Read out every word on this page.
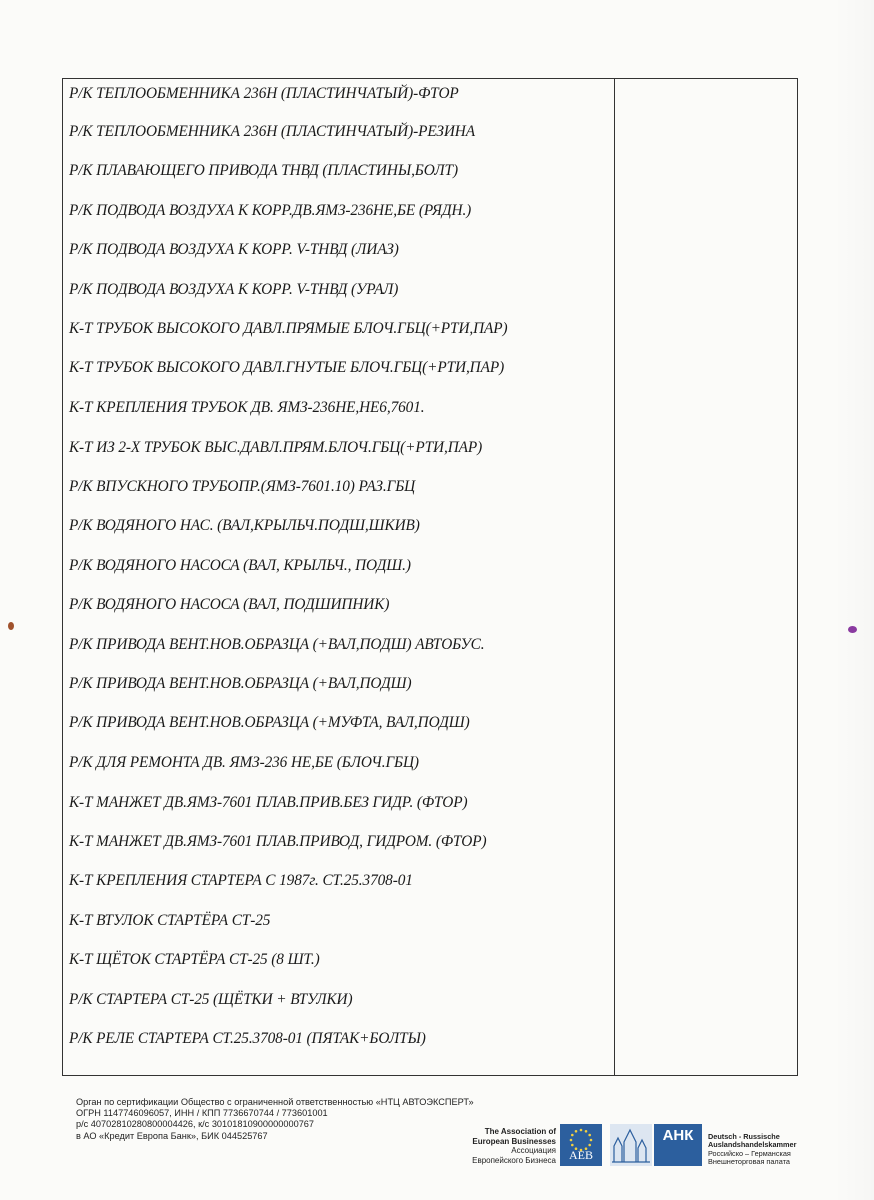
Р/К ТЕПЛООБМЕННИКА 236Н (ПЛАСТИНЧАТЫЙ)-ФТОР
Р/К ТЕПЛООБМЕННИКА 236Н (ПЛАСТИНЧАТЫЙ)-РЕЗИНА
Р/К ПЛАВАЮЩЕГО ПРИВОДА ТНВД (ПЛАСТИНЫ,БОЛТ)
Р/К ПОДВОДА ВОЗДУХА К КОРР.ДВ.ЯМЗ-236НЕ,БЕ (РЯДН.)
Р/К ПОДВОДА ВОЗДУХА К КОРР. V-ТНВД (ЛИАЗ)
Р/К ПОДВОДА ВОЗДУХА К КОРР. V-ТНВД (УРАЛ)
К-Т ТРУБОК ВЫСОКОГО ДАВЛ.ПРЯМЫЕ БЛОЧ.ГБЦ(+РТИ,ПАР)
К-Т ТРУБОК ВЫСОКОГО ДАВЛ.ГНУТЫЕ БЛОЧ.ГБЦ(+РТИ,ПАР)
К-Т КРЕПЛЕНИЯ ТРУБОК ДВ. ЯМЗ-236НЕ,НЕ6,7601.
К-Т ИЗ 2-Х ТРУБОК ВЫС.ДАВЛ.ПРЯМ.БЛОЧ.ГБЦ(+РТИ,ПАР)
Р/К ВПУСКНОГО ТРУБОПР.(ЯМЗ-7601.10) РАЗ.ГБЦ
Р/К ВОДЯНОГО НАС. (ВАЛ,КРЫЛЬЧ.ПОДШ,ШКИВ)
Р/К ВОДЯНОГО НАСОСА (ВАЛ, КРЫЛЬЧ., ПОДШ.)
Р/К ВОДЯНОГО НАСОСА (ВАЛ, ПОДШИПНИК)
Р/К ПРИВОДА ВЕНТ.НОВ.ОБРАЗЦА (+ВАЛ,ПОДШ) АВТОБУС.
Р/К ПРИВОДА ВЕНТ.НОВ.ОБРАЗЦА (+ВАЛ,ПОДШ)
Р/К ПРИВОДА ВЕНТ.НОВ.ОБРАЗЦА (+МУФТА, ВАЛ,ПОДШ)
Р/К ДЛЯ РЕМОНТА ДВ. ЯМЗ-236 НЕ,БЕ (БЛОЧ.ГБЦ)
К-Т МАНЖЕТ ДВ.ЯМЗ-7601 ПЛАВ.ПРИВ.БЕЗ ГИДР. (ФТОР)
К-Т МАНЖЕТ ДВ.ЯМЗ-7601 ПЛАВ.ПРИВОД, ГИДРОМ. (ФТОР)
К-Т КРЕПЛЕНИЯ СТАРТЕРА С 1987г. СТ.25.3708-01
К-Т ВТУЛОК СТАРТЁРА СТ-25
К-Т ЩЁТОК СТАРТЁРА СТ-25 (8 ШТ.)
Р/К СТАРТЕРА СТ-25 (ЩЁТКИ + ВТУЛКИ)
Р/К РЕЛЕ СТАРТЕРА СТ.25.3708-01 (ПЯТАК+БОЛТЫ)
Орган по сертификации Общество с ограниченной ответственностью «НТЦ АВТОЭКСПЕРТ»
ОГРН 1147746096057, ИНН / КПП 7736670744 / 773601001
р/с 40702810280800004426, к/с 30101810900000000767
в АО «Кредит Европа Банк», БИК 044525767	The Association of
European Businesses
Ассоциация
Европейского Бизнеса	AEB
АНК	Deutsch - Russische
Auslandshandelskammer
Российско – Германская
Внешнеторговая палата
